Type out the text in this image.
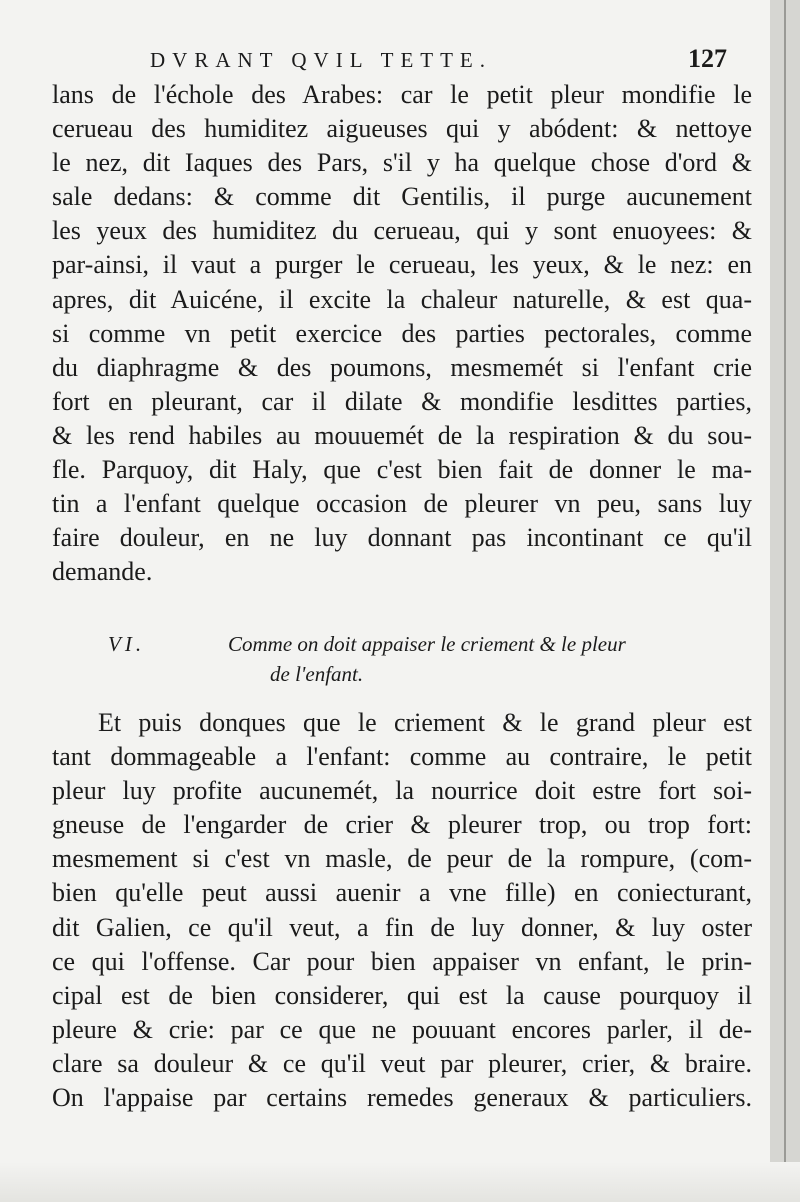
DVRANT QVIL TETTE.	127
lans de l'échole des Arabes: car le petit pleur mondifie le
cerueau des humiditez aigueuses qui y abódent: & nettoye
le nez, dit Iaques des Pars, s'il y ha quelque chose d'ord &
sale dedans: & comme dit Gentilis, il purge aucunement
les yeux des humiditez du cerueau, qui y sont enuoyees: &
par-ainsi, il vaut a purger le cerueau, les yeux, & le nez: en
apres, dit Auicéne, il excite la chaleur naturelle, & est qua-
si comme vn petit exercice des parties pectorales, comme
du diaphragme & des poumons, mesmemét si l'enfant crie
fort en pleurant, car il dilate & mondifie lesdittes parties,
& les rend habiles au mouuemét de la respiration & du sou-
fle. Parquoy, dit Haly, que c'est bien fait de donner le ma-
tin a l'enfant quelque occasion de pleurer vn peu, sans luy
faire douleur, en ne luy donnant pas incontinant ce qu'il
demande.
VI.	Comme on doit appaiser le criement & le pleur
de l'enfant.
Et puis donques que le criement & le grand pleur est
tant dommageable a l'enfant: comme au contraire, le petit
pleur luy profite aucunemét, la nourrice doit estre fort soi-
gneuse de l'engarder de crier & pleurer trop, ou trop fort:
mesmement si c'est vn masle, de peur de la rompure, (com-
bien qu'elle peut aussi auenir a vne fille) en coniecturant,
dit Galien, ce qu'il veut, a fin de luy donner, & luy oster
ce qui l'offense. Car pour bien appaiser vn enfant, le prin-
cipal est de bien considerer, qui est la cause pourquoy il
pleure & crie: par ce que ne pouuant encores parler, il de-
clare sa douleur & ce qu'il veut par pleurer, crier, & braire.
On l'appaise par certains remedes generaux & particuliers.
